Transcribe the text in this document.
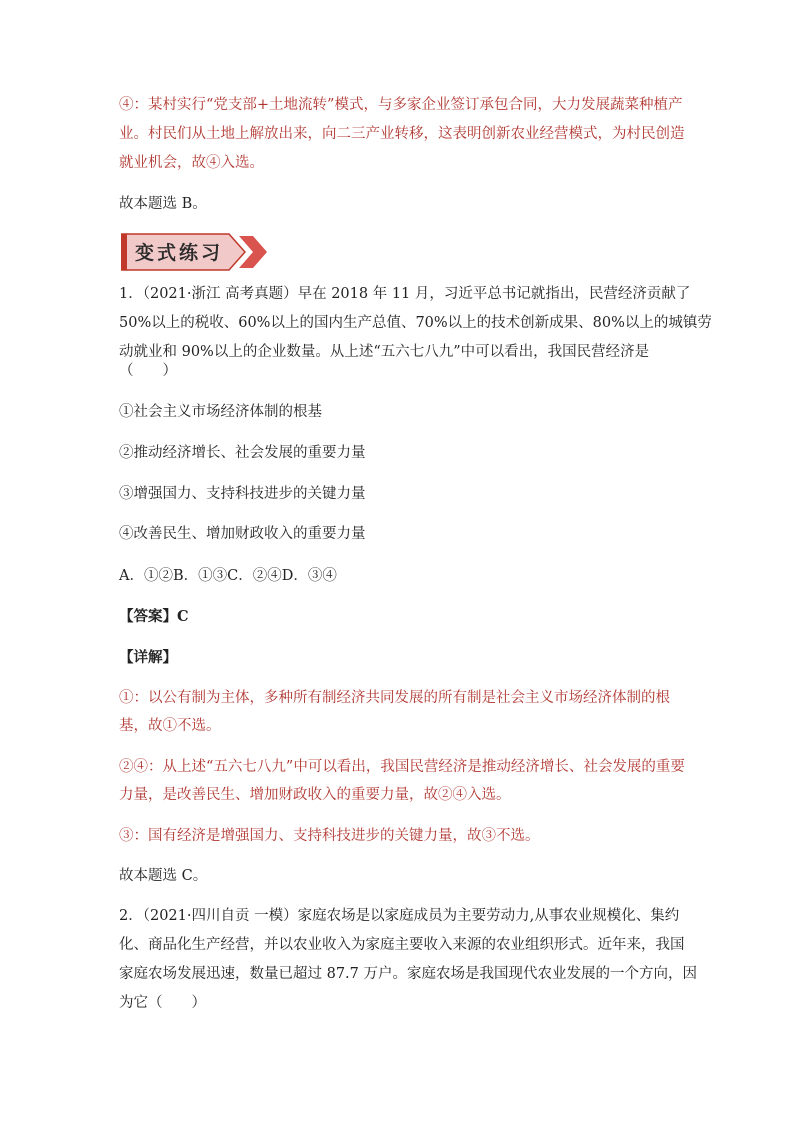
④：某村实行“党支部+土地流转”模式，与多家企业签订承包合同，大力发展蔬菜种植产

业。村民们从土地上解放出来，向二三产业转移，这表明创新农业经营模式，为村民创造

就业机会，故④入选。

故本题选 B。

变式练习

1．（2021·浙江 高考真题）早在 2018 年 11 月，习近平总书记就指出，民营经济贡献了

50%以上的税收、60%以上的国内生产总值、70%以上的技术创新成果、80%以上的城镇劳

动就业和 90%以上的企业数量。从上述“五六七八九”中可以看出，我国民营经济是

（　　）

①社会主义市场经济体制的根基

②推动经济增长、社会发展的重要力量

③增强国力、支持科技进步的关键力量

④改善民生、增加财政收入的重要力量

A．①②B．①③C．②④D．③④

【答案】C

【详解】

①：以公有制为主体，多种所有制经济共同发展的所有制是社会主义市场经济体制的根

基，故①不选。

②④：从上述“五六七八九”中可以看出，我国民营经济是推动经济增长、社会发展的重要

力量，是改善民生、增加财政收入的重要力量，故②④入选。

③：国有经济是增强国力、支持科技进步的关键力量，故③不选。

故本题选 C。

2．（2021·四川自贡 一模）家庭农场是以家庭成员为主要劳动力,从事农业规模化、集约

化、商品化生产经营，并以农业收入为家庭主要收入来源的农业组织形式。近年来，我国

家庭农场发展迅速，数量已超过 87.7 万户。家庭农场是我国现代农业发展的一个方向，因

为它（　　）
